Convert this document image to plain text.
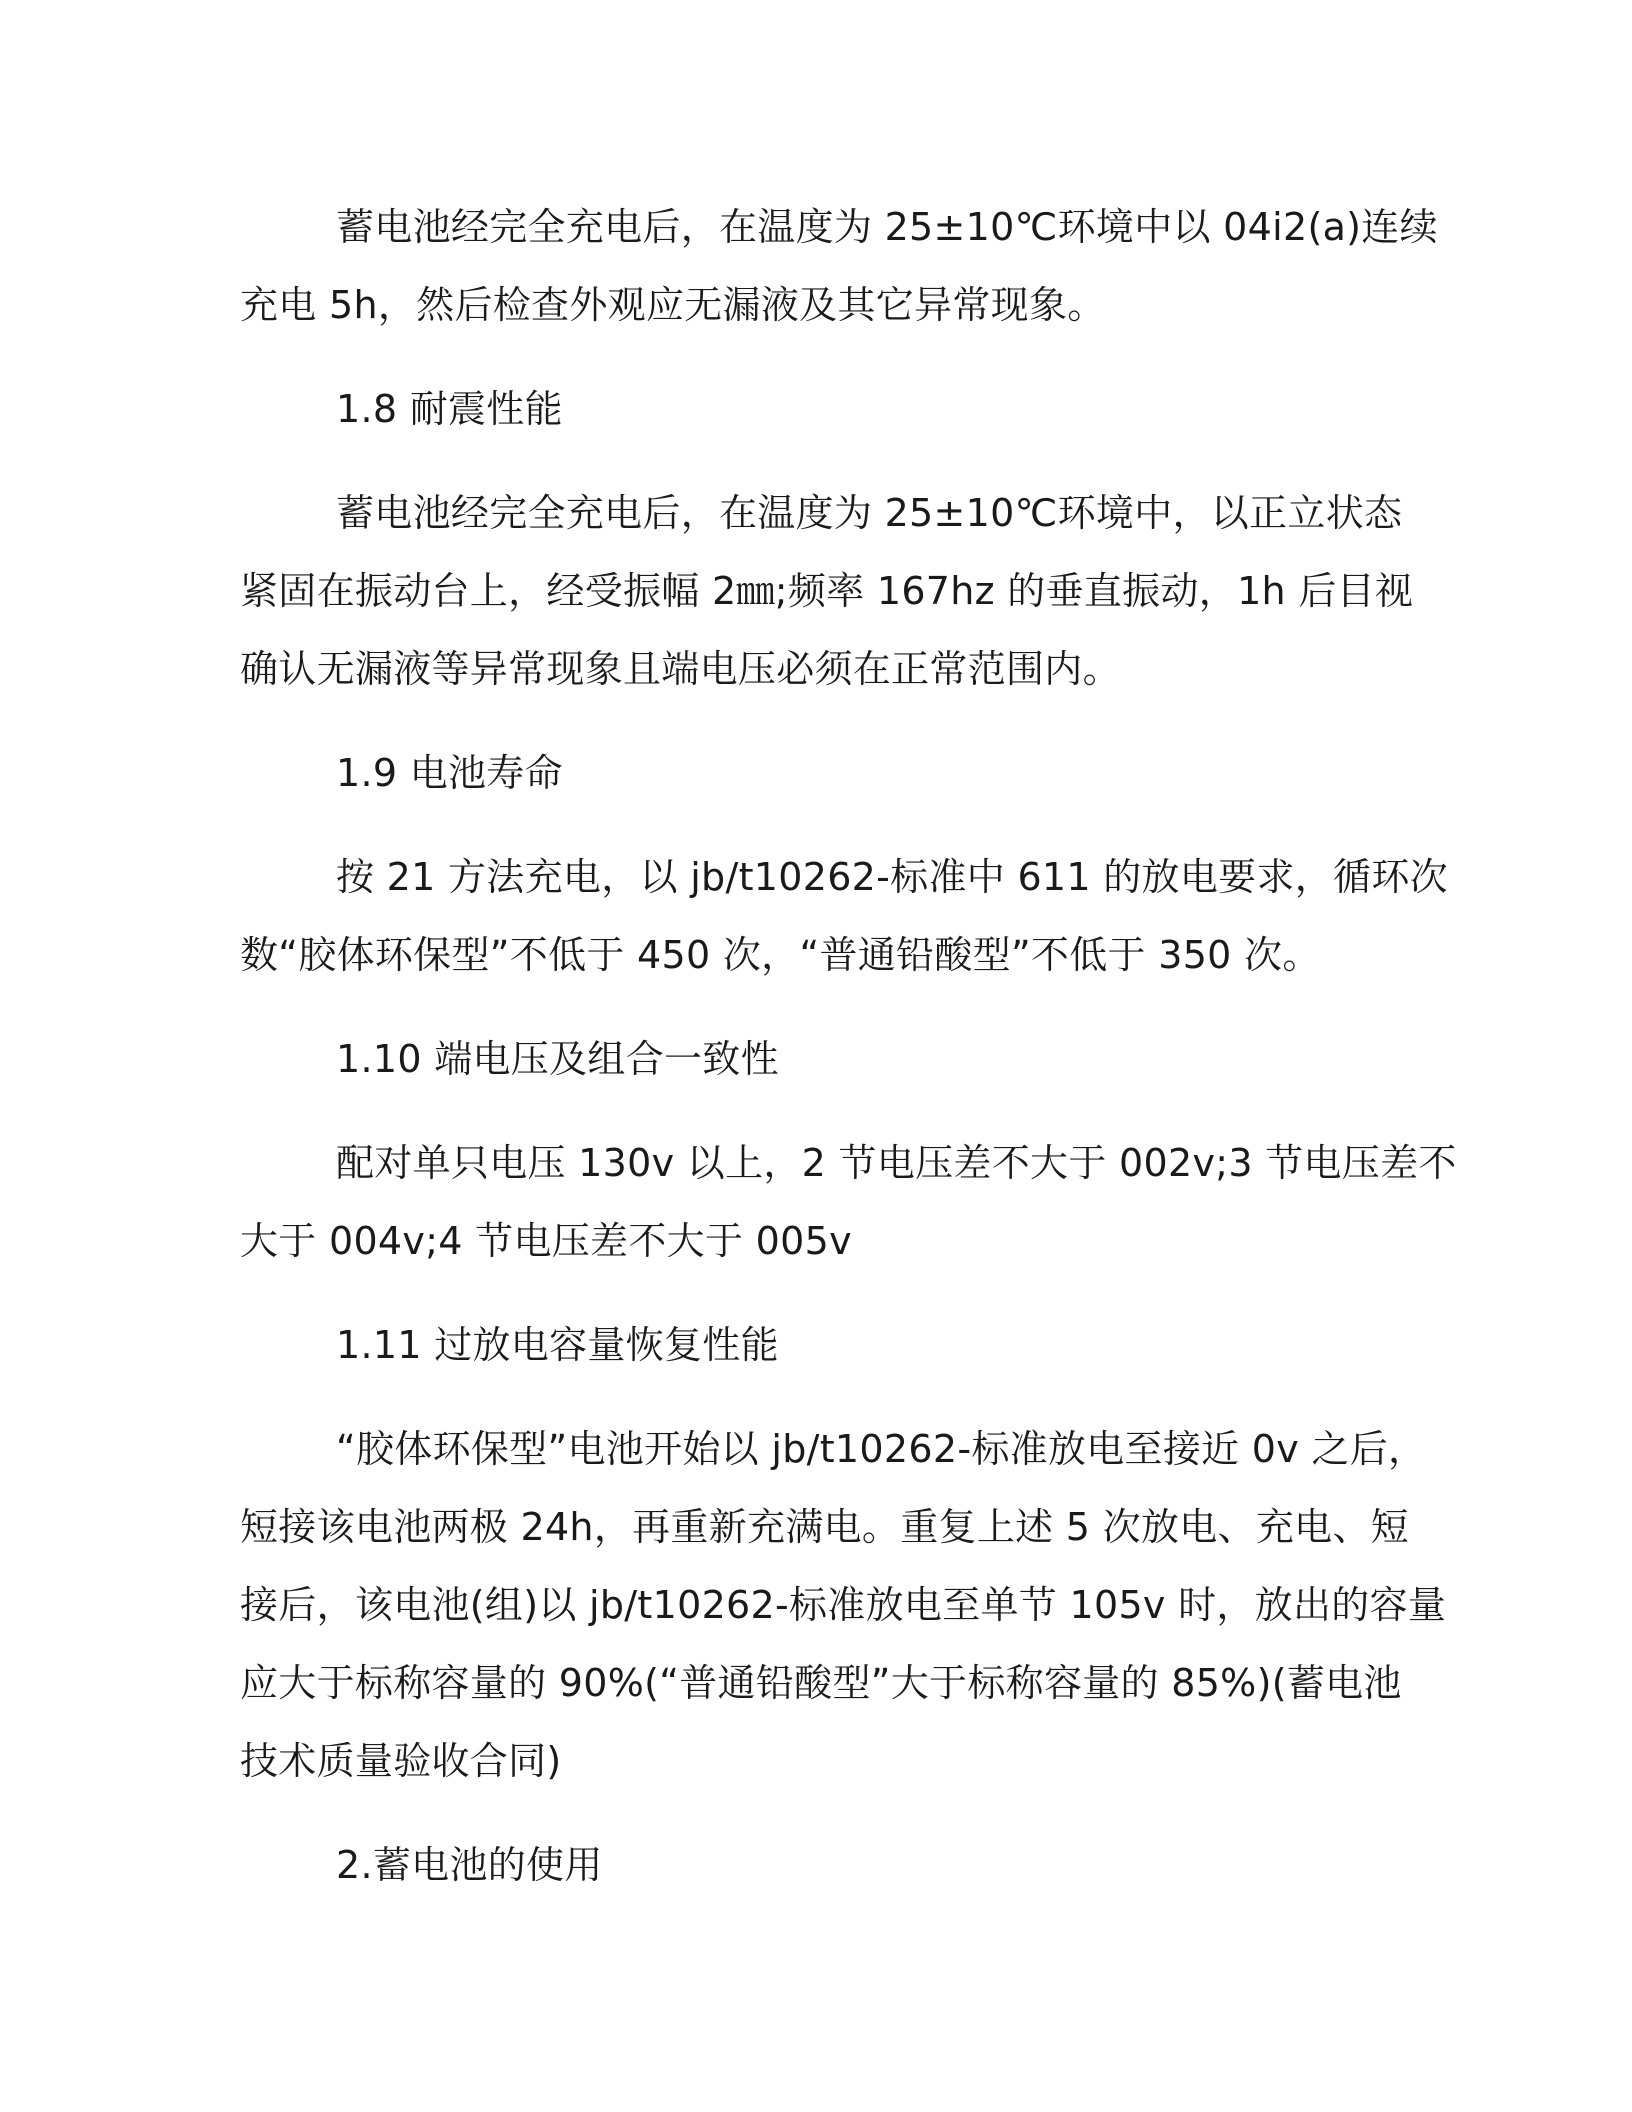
蓄电池经完全充电后，在温度为 25±10℃环境中以 04i2(a)连续
充电 5h，然后检查外观应无漏液及其它异常现象。
1.8 耐震性能
蓄电池经完全充电后，在温度为 25±10℃环境中，以正立状态
紧固在振动台上，经受振幅 2㎜;频率 167hz 的垂直振动，1h 后目视
确认无漏液等异常现象且端电压必须在正常范围内。
1.9 电池寿命
按 21 方法充电，以 jb/t10262-标准中 611 的放电要求，循环次
数“胶体环保型”不低于 450 次，“普通铅酸型”不低于 350 次。
1.10 端电压及组合一致性
配对单只电压 130v 以上，2 节电压差不大于 002v;3 节电压差不
大于 004v;4 节电压差不大于 005v
1.11 过放电容量恢复性能
“胶体环保型”电池开始以 jb/t10262-标准放电至接近 0v 之后，
短接该电池两极 24h，再重新充满电。重复上述 5 次放电、充电、短
接后，该电池(组)以 jb/t10262-标准放电至单节 105v 时，放出的容量
应大于标称容量的 90%(“普通铅酸型”大于标称容量的 85%)(蓄电池
技术质量验收合同)
2.蓄电池的使用
